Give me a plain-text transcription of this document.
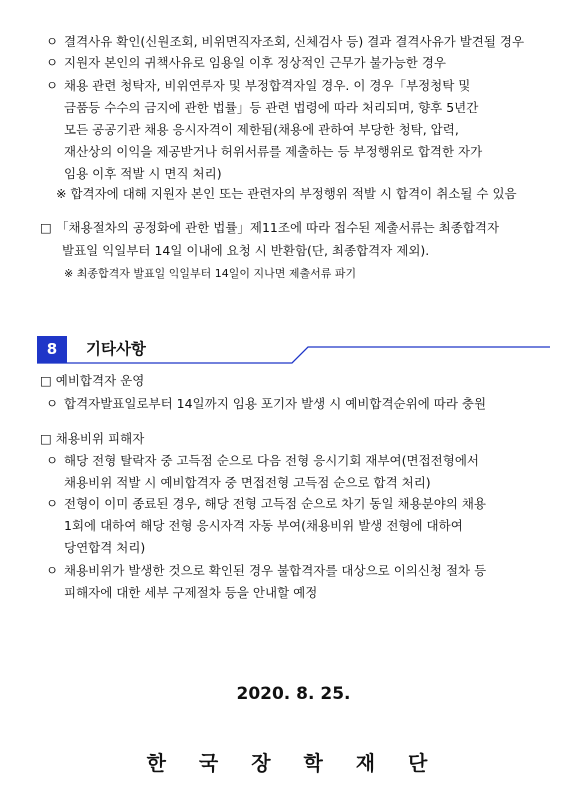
ㅇ 결격사유 확인(신원조회, 비위면직자조회, 신체검사 등) 결과 결격사유가 발견될 경우
ㅇ 지원자 본인의 귀책사유로 임용일 이후 정상적인 근무가 불가능한 경우
ㅇ 채용 관련 청탁자, 비위연루자 및 부정합격자일 경우. 이 경우「부정청탁 및
금품등 수수의 금지에 관한 법률」등 관련 법령에 따라 처리되며, 향후 5년간
모든 공공기관 채용 응시자격이 제한됨(채용에 관하여 부당한 청탁, 압력,
재산상의 이익을 제공받거나 허위서류를 제출하는 등 부정행위로 합격한 자가
임용 이후 적발 시 면직 처리)
※ 합격자에 대해 지원자 본인 또는 관련자의 부정행위 적발 시 합격이 취소될 수 있음
□ 「채용절차의 공정화에 관한 법률」제11조에 따라 접수된 제출서류는 최종합격자
발표일 익일부터 14일 이내에 요청 시 반환함(단, 최종합격자 제외).
※ 최종합격자 발표일 익일부터 14일이 지나면 제출서류 파기
8	기타사항
□ 예비합격자 운영
ㅇ 합격자발표일로부터 14일까지 임용 포기자 발생 시 예비합격순위에 따라 충원
□ 채용비위 피해자
ㅇ 해당 전형 탈락자 중 고득점 순으로 다음 전형 응시기회 재부여(면접전형에서
채용비위 적발 시 예비합격자 중 면접전형 고득점 순으로 합격 처리)
ㅇ 전형이 이미 종료된 경우, 해당 전형 고득점 순으로 차기 동일 채용분야의 채용
1회에 대하여 해당 전형 응시자격 자동 부여(채용비위 발생 전형에 대하여
당연합격 처리)
ㅇ 채용비위가 발생한 것으로 확인된 경우 불합격자를 대상으로 이의신청 절차 등
피해자에 대한 세부 구제절차 등을 안내할 예정
2020. 8. 25.
한 국 장 학 재 단
